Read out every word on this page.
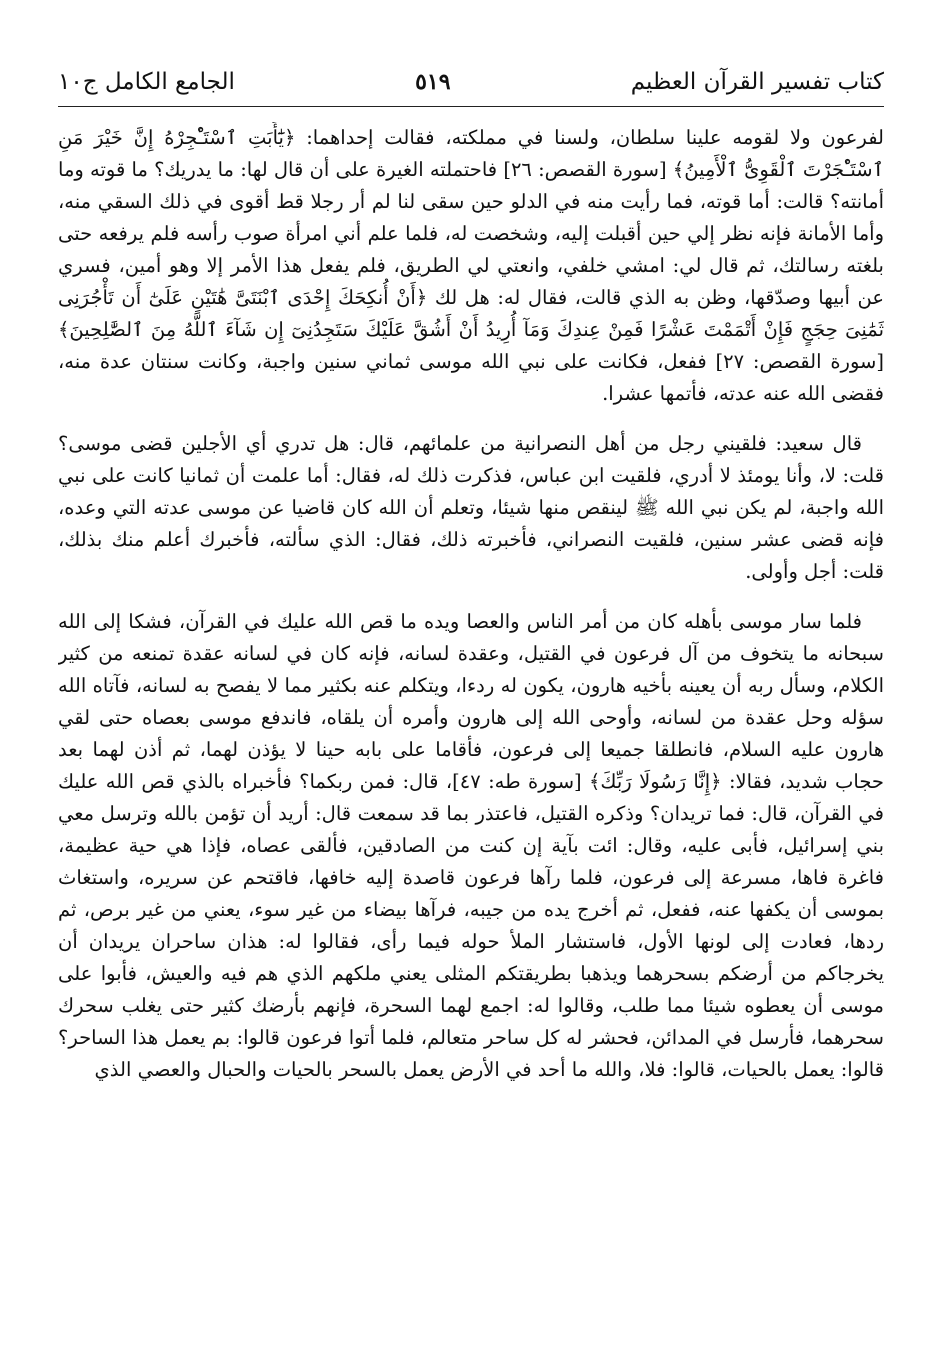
كتاب تفسير القرآن العظيم
٥١٩
الجامع الكامل ج١٠

لفرعون ولا لقومه علينا سلطان، ولسنا في مملكته، فقالت إحداهما: ﴿يَٰٓأَبَتِ ٱسْتَـْٔجِرْهُ إِنَّ خَيْرَ مَنِ ٱسْتَـْٔجَرْتَ ٱلْقَوِىُّ ٱلْأَمِينُ﴾ [سورة القصص: ٢٦] فاحتملته الغيرة على أن قال لها: ما يدريك؟ ما قوته وما أمانته؟ قالت: أما قوته، فما رأيت منه في الدلو حين سقى لنا لم أر رجلا قط أقوى في ذلك السقي منه، وأما الأمانة فإنه نظر إلي حين أقبلت إليه، وشخصت له، فلما علم أني امرأة صوب رأسه فلم يرفعه حتى بلغته رسالتك، ثم قال لي: امشي خلفي، وانعتي لي الطريق، فلم يفعل هذا الأمر إلا وهو أمين، فسري عن أبيها وصدّقها، وظن به الذي قالت، فقال له: هل لك ﴿أَنْ أُنكِحَكَ إِحْدَى ٱبْنَتَىَّ هَٰتَيْنِ عَلَىٰٓ أَن تَأْجُرَنِى ثَمَٰنِىَ حِجَجٍ فَإِنْ أَتْمَمْتَ عَشْرًا فَمِنْ عِندِكَ وَمَآ أُرِيدُ أَنْ أَشُقَّ عَلَيْكَ سَتَجِدُنِىٓ إِن شَآءَ ٱللَّهُ مِنَ ٱلصَّٰلِحِينَ﴾ [سورة القصص: ٢٧] ففعل، فكانت على نبي الله موسى ثماني سنين واجبة، وكانت سنتان عدة منه، فقضى الله عنه عدته، فأتمها عشرا.

قال سعيد: فلقيني رجل من أهل النصرانية من علمائهم، قال: هل تدري أي الأجلين قضى موسى؟ قلت: لا، وأنا يومئذ لا أدري، فلقيت ابن عباس، فذكرت ذلك له، فقال: أما علمت أن ثمانيا كانت على نبي الله واجبة، لم يكن نبي الله ﷺ لينقص منها شيئا، وتعلم أن الله كان قاضيا عن موسى عدته التي وعده، فإنه قضى عشر سنين، فلقيت النصراني، فأخبرته ذلك، فقال: الذي سألته، فأخبرك أعلم منك بذلك، قلت: أجل وأولى.

فلما سار موسى بأهله كان من أمر الناس والعصا ويده ما قص الله عليك في القرآن، فشكا إلى الله سبحانه ما يتخوف من آل فرعون في القتيل، وعقدة لسانه، فإنه كان في لسانه عقدة تمنعه من كثير الكلام، وسأل ربه أن يعينه بأخيه هارون، يكون له ردءا، ويتكلم عنه بكثير مما لا يفصح به لسانه، فآتاه الله سؤله وحل عقدة من لسانه، وأوحى الله إلى هارون وأمره أن يلقاه، فاندفع موسى بعصاه حتى لقي هارون عليه السلام، فانطلقا جميعا إلى فرعون، فأقاما على بابه حينا لا يؤذن لهما، ثم أذن لهما بعد حجاب شديد، فقالا: ﴿إِنَّا رَسُولَا رَبِّكَ﴾ [سورة طه: ٤٧]، قال: فمن ربكما؟ فأخبراه بالذي قص الله عليك في القرآن، قال: فما تريدان؟ وذكره القتيل، فاعتذر بما قد سمعت قال: أريد أن تؤمن بالله وترسل معي بني إسرائيل، فأبى عليه، وقال: ائت بآية إن كنت من الصادقين، فألقى عصاه، فإذا هي حية عظيمة، فاغرة فاها، مسرعة إلى فرعون، فلما رآها فرعون قاصدة إليه خافها، فاقتحم عن سريره، واستغاث بموسى أن يكفها عنه، ففعل، ثم أخرج يده من جيبه، فرآها بيضاء من غير سوء، يعني من غير برص، ثم ردها، فعادت إلى لونها الأول، فاستشار الملأ حوله فيما رأى، فقالوا له: هذان ساحران يريدان أن يخرجاكم من أرضكم بسحرهما ويذهبا بطريقتكم المثلى يعني ملكهم الذي هم فيه والعيش، فأبوا على موسى أن يعطوه شيئا مما طلب، وقالوا له: اجمع لهما السحرة، فإنهم بأرضك كثير حتى يغلب سحرك سحرهما، فأرسل في المدائن، فحشر له كل ساحر متعالم، فلما أتوا فرعون قالوا: بم يعمل هذا الساحر؟ قالوا: يعمل بالحيات، قالوا: فلا، والله ما أحد في الأرض يعمل بالسحر بالحيات والحبال والعصي الذي
